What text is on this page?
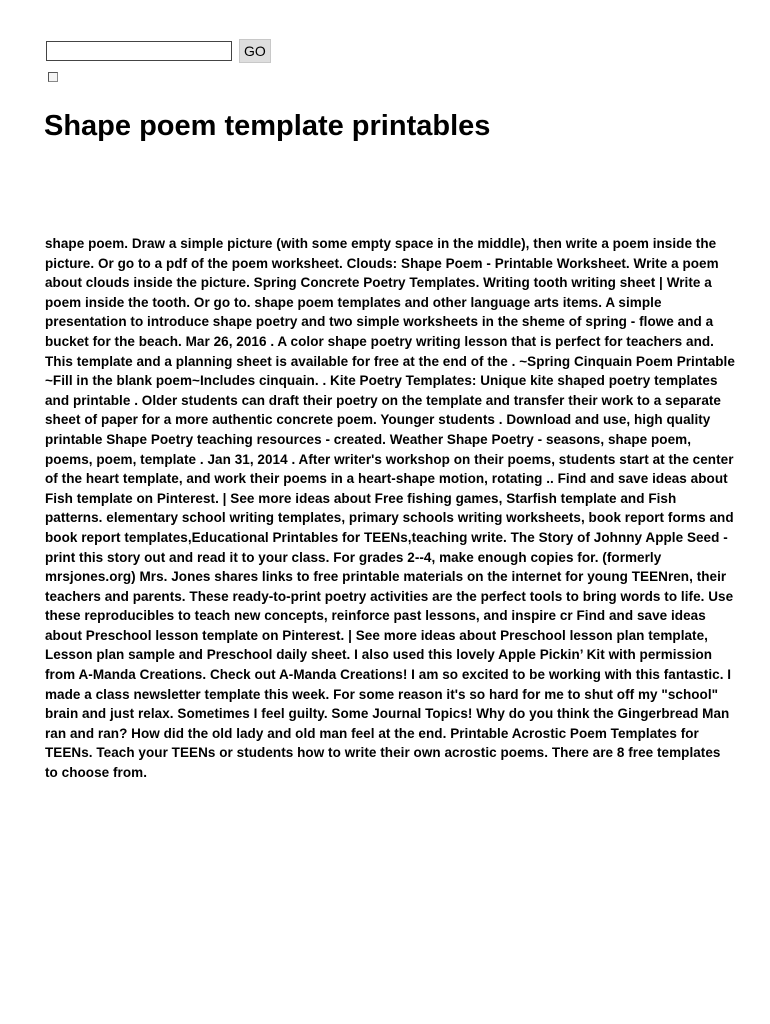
GO
Shape poem template printables

shape poem. Draw a simple picture (with some empty space in the middle), then write a poem inside the picture. Or go to a pdf of the poem worksheet. Clouds: Shape Poem - Printable Worksheet. Write a poem about clouds inside the picture. Spring Concrete Poetry Templates. Writing tooth writing sheet | Write a poem inside the tooth. Or go to. shape poem templates and other language arts items. A simple presentation to introduce shape poetry and two simple worksheets in the sheme of spring - flowe and a bucket for the beach. Mar 26, 2016 . A color shape poetry writing lesson that is perfect for teachers and. This template and a planning sheet is available for free at the end of the . ~Spring Cinquain Poem Printable ~Fill in the blank poem~Includes cinquain. . Kite Poetry Templates: Unique kite shaped poetry templates and printable . Older students can draft their poetry on the template and transfer their work to a separate sheet of paper for a more authentic concrete poem. Younger students . Download and use, high quality printable Shape Poetry teaching resources - created. Weather Shape Poetry - seasons, shape poem, poems, poem, template . Jan 31, 2014 . After writer's workshop on their poems, students start at the center of the heart template, and work their poems in a heart-shape motion, rotating .. Find and save ideas about Fish template on Pinterest. | See more ideas about Free fishing games, Starfish template and Fish patterns. elementary school writing templates, primary schools writing worksheets, book report forms and book report templates,Educational Printables for TEENs,teaching write. The Story of Johnny Apple Seed - print this story out and read it to your class. For grades 2--4, make enough copies for. (formerly mrsjones.org) Mrs. Jones shares links to free printable materials on the internet for young TEENren, their teachers and parents. These ready-to-print poetry activities are the perfect tools to bring words to life. Use these reproducibles to teach new concepts, reinforce past lessons, and inspire cr Find and save ideas about Preschool lesson template on Pinterest. | See more ideas about Preschool lesson plan template, Lesson plan sample and Preschool daily sheet. I also used this lovely Apple Pickin’ Kit with permission from A-Manda Creations. Check out A-Manda Creations! I am so excited to be working with this fantastic. I made a class newsletter template this week. For some reason it's so hard for me to shut off my "school" brain and just relax. Sometimes I feel guilty. Some Journal Topics! Why do you think the Gingerbread Man ran and ran? How did the old lady and old man feel at the end. Printable Acrostic Poem Templates for TEENs. Teach your TEENs or students how to write their own acrostic poems. There are 8 free templates to choose from.
